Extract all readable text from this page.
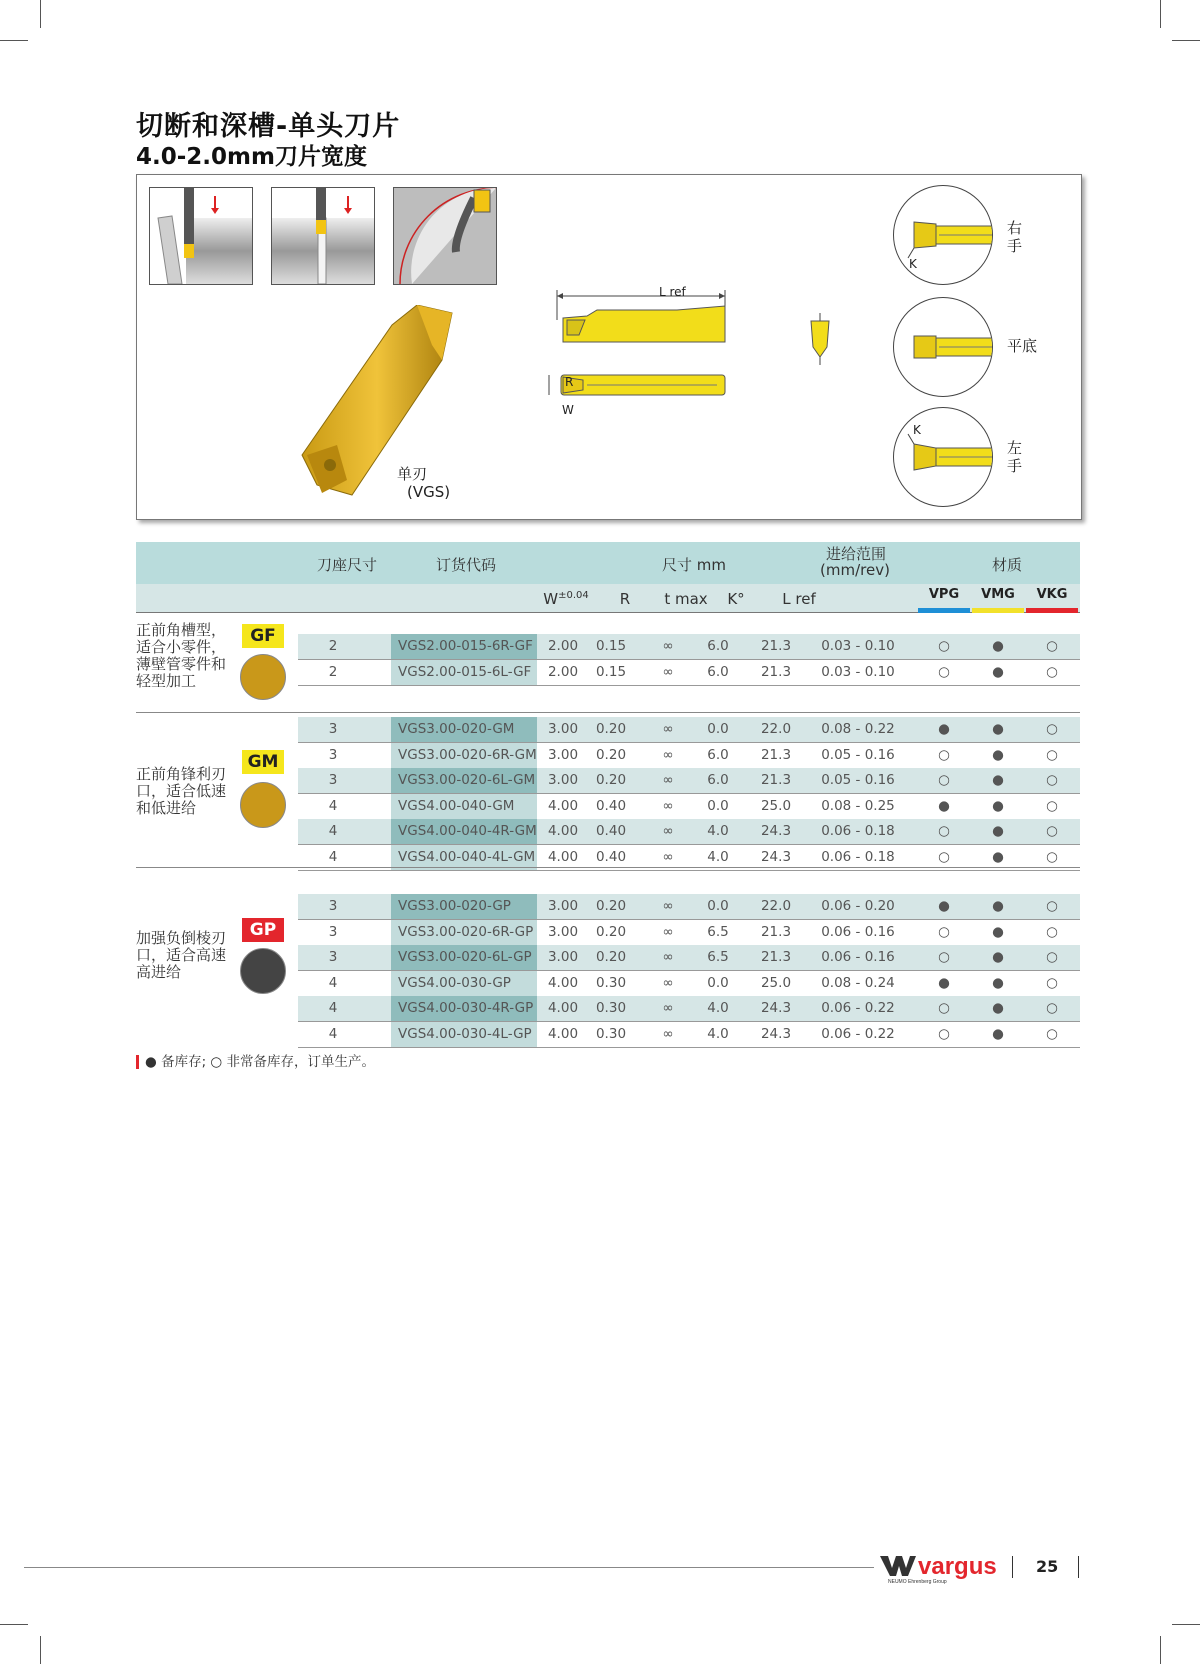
切断和深槽-单头刀片
4.0-2.0mm刀片宽度
单刃
(VGS)
L ref
R
W
K
右
手
平底
K
左
手
刀座尺寸	订货代码	尺寸 mm
进给范围
(mm/rev)	材质
$W^{\pm 0.04}$	R	t max	K°	L ref	VPG	VMG	VKG
正前角槽型，适合小零件，薄壁管零件和轻型加工
GF	2	VGS2.00-015-6R-GF	2.00	0.15	∞	6.0	21.3	0.03 - 0.10	○	●	○
2	VGS2.00-015-6L-GF	2.00	0.15	∞	6.0	21.3	0.03 - 0.10	○	●	○
正前角锋利刃口，适合低速和低进给
GM
3	VGS3.00-020-GM	3.00	0.20	∞	0.0	22.0	0.08 - 0.22	●	●	○
3	VGS3.00-020-6R-GM 3.00	0.20	∞	6.0	21.3	0.05 - 0.16	○	●	○
3	VGS3.00-020-6L-GM 3.00	0.20	∞	6.0	21.3	0.05 - 0.16	○	●	○
4	VGS4.00-040-GM	4.00	0.40	∞	0.0	25.0	0.08 - 0.25	●	●	○
4	VGS4.00-040-4R-GM 4.00	0.40	∞	4.0	24.3	0.06 - 0.18	○	●	○
4	VGS4.00-040-4L-GM 4.00	0.40	∞	4.0	24.3	0.06 - 0.18	○	●	○
加强负倒棱刃口，适合高速高进给
GP
3	VGS3.00-020-GP	3.00	0.20	∞	0.0	22.0	0.06 - 0.20	●	●	○
3	VGS3.00-020-6R-GP	3.00	0.20	∞	6.5	21.3	0.06 - 0.16	○	●	○
3	VGS3.00-020-6L-GP	3.00	0.20	∞	6.5	21.3	0.06 - 0.16	○	●	○
4	VGS4.00-030-GP	4.00	0.30	∞	0.0	25.0	0.08 - 0.24	●	●	○
4	VGS4.00-030-4R-GP	4.00	0.30	∞	4.0	24.3	0.06 - 0.22	○	●	○
4	VGS4.00-030-4L-GP	4.00	0.30	∞	4.0	24.3	0.06 - 0.22	○	●	○
● 备库存; ○ 非常备库存，订单生产。
vargus
NEUMO Ehrenberg Group
25
